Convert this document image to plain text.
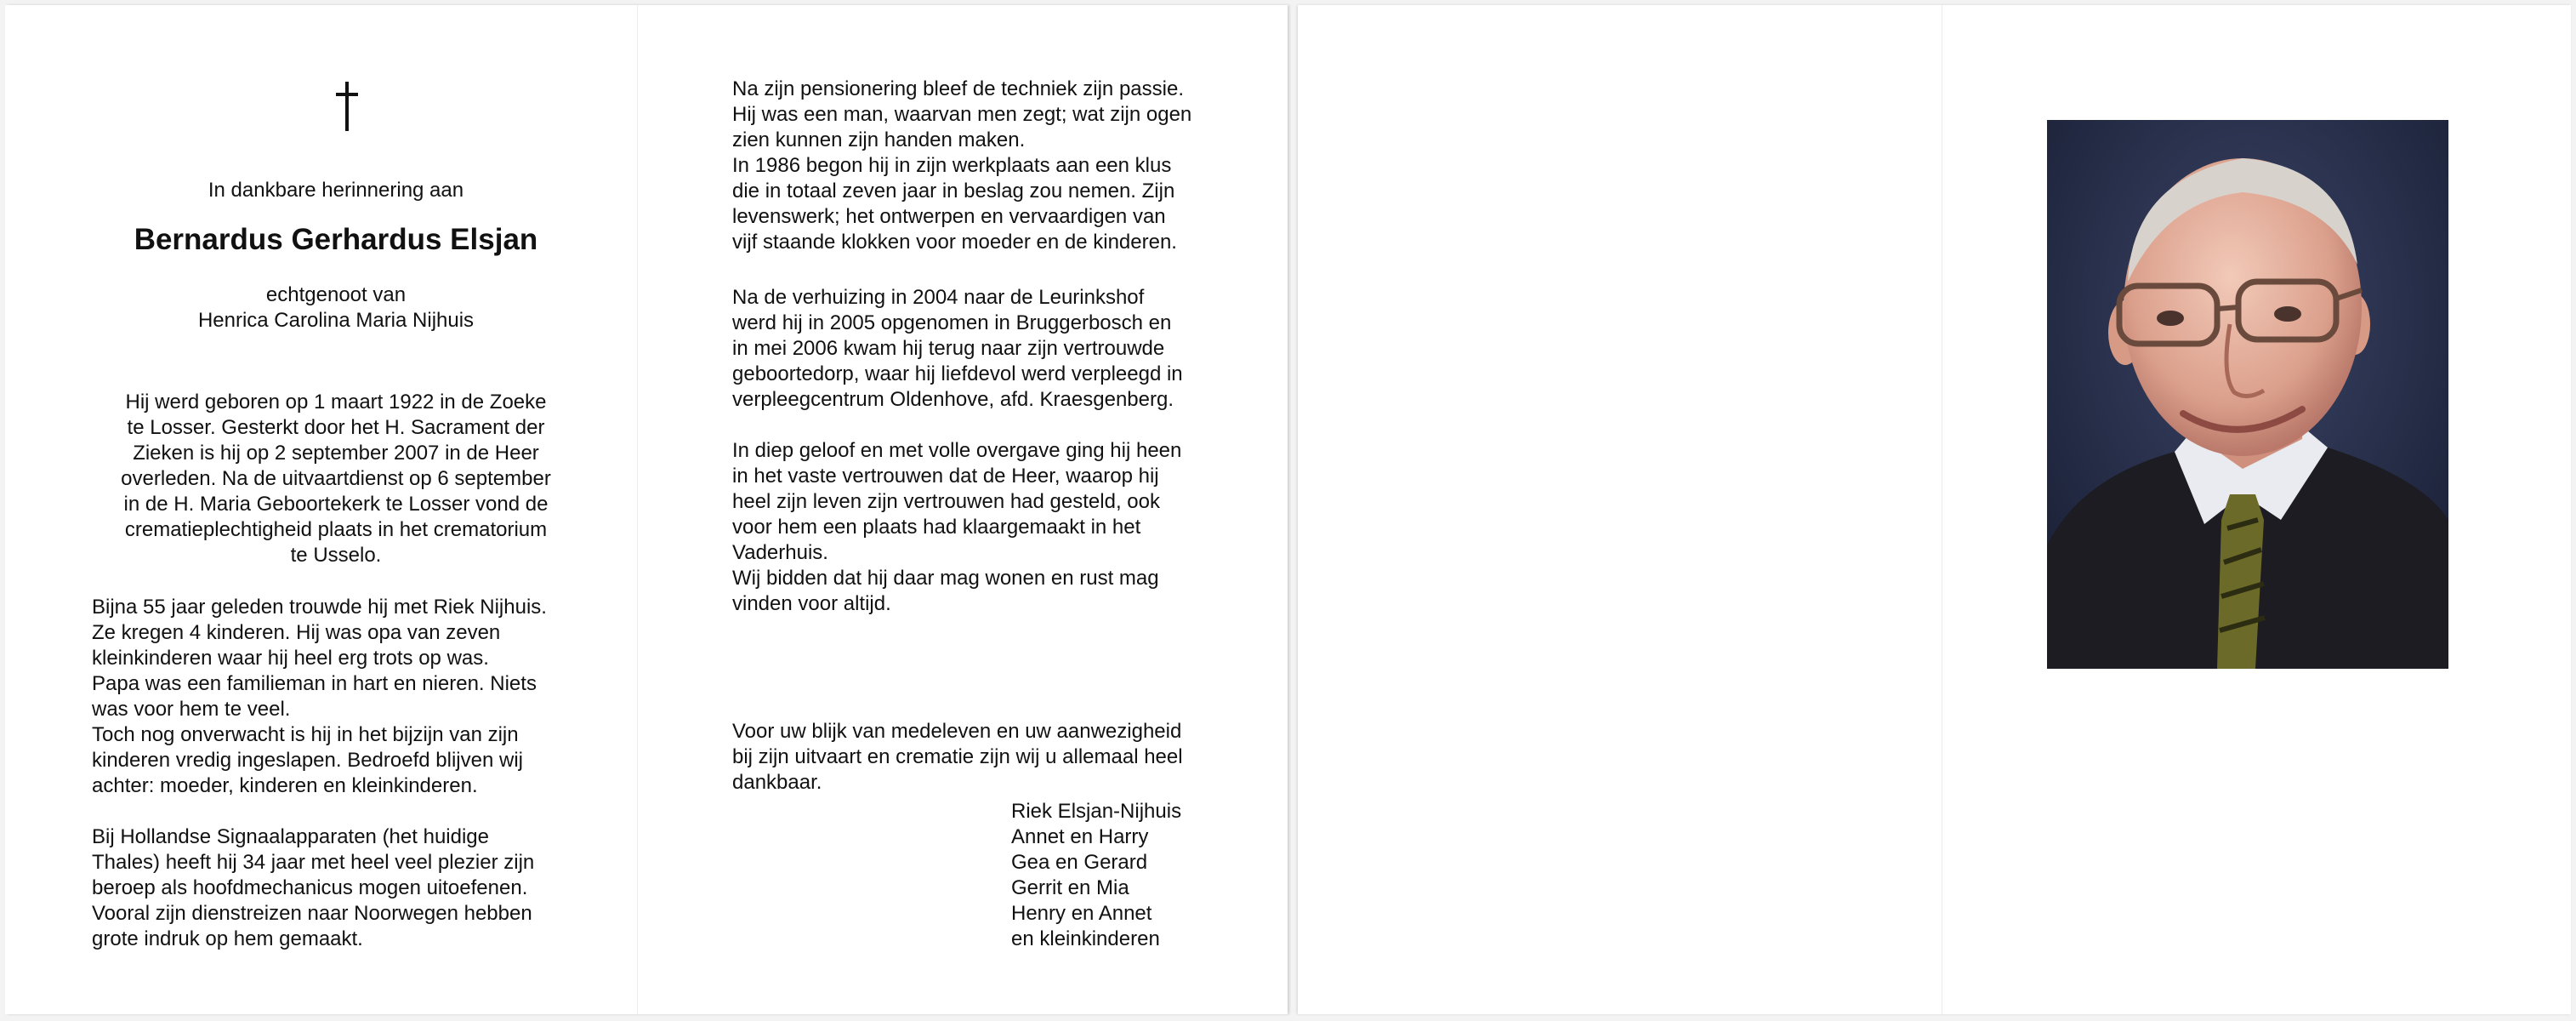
In dankbare herinnering aan
Bernardus Gerhardus Elsjan
echtgenoot van
Henrica Carolina Maria Nijhuis
Hij werd geboren op 1 maart 1922 in de Zoeke
te Losser. Gesterkt door het H. Sacrament der
Zieken is hij op 2 september 2007 in de Heer
overleden. Na de uitvaartdienst op 6 september
in de H. Maria Geboortekerk te Losser vond de
crematieplechtigheid plaats in het crematorium
te Usselo.
Bijna 55 jaar geleden trouwde hij met Riek Nijhuis.
Ze kregen 4 kinderen. Hij was opa van zeven
kleinkinderen waar hij heel erg trots op was.
Papa was een familieman in hart en nieren. Niets
was voor hem te veel.
Toch nog onverwacht is hij in het bijzijn van zijn
kinderen vredig ingeslapen. Bedroefd blijven wij
achter: moeder, kinderen en kleinkinderen.
Bij Hollandse Signaalapparaten (het huidige
Thales) heeft hij 34 jaar met heel veel plezier zijn
beroep als hoofdmechanicus mogen uitoefenen.
Vooral zijn dienstreizen naar Noorwegen hebben
grote indruk op hem gemaakt.
Na zijn pensionering bleef de techniek zijn passie.
Hij was een man, waarvan men zegt; wat zijn ogen
zien kunnen zijn handen maken.
In 1986 begon hij in zijn werkplaats aan een klus
die in totaal zeven jaar in beslag zou nemen. Zijn
levenswerk; het ontwerpen en vervaardigen van
vijf staande klokken voor moeder en de kinderen.
Na de verhuizing in 2004 naar de Leurinkshof
werd hij in 2005 opgenomen in Bruggerbosch en
in mei 2006 kwam hij terug naar zijn vertrouwde
geboortedorp, waar hij liefdevol werd verpleegd in
verpleegcentrum Oldenhove, afd. Kraesgenberg.
In diep geloof en met volle overgave ging hij heen
in het vaste vertrouwen dat de Heer, waarop hij
heel zijn leven zijn vertrouwen had gesteld, ook
voor hem een plaats had klaargemaakt in het
Vaderhuis.
Wij bidden dat hij daar mag wonen en rust mag
vinden voor altijd.
Voor uw blijk van medeleven en uw aanwezigheid
bij zijn uitvaart en crematie zijn wij u allemaal heel
dankbaar.
Riek Elsjan-Nijhuis
Annet en Harry
Gea en Gerard
Gerrit en Mia
Henry en Annet
en kleinkinderen
